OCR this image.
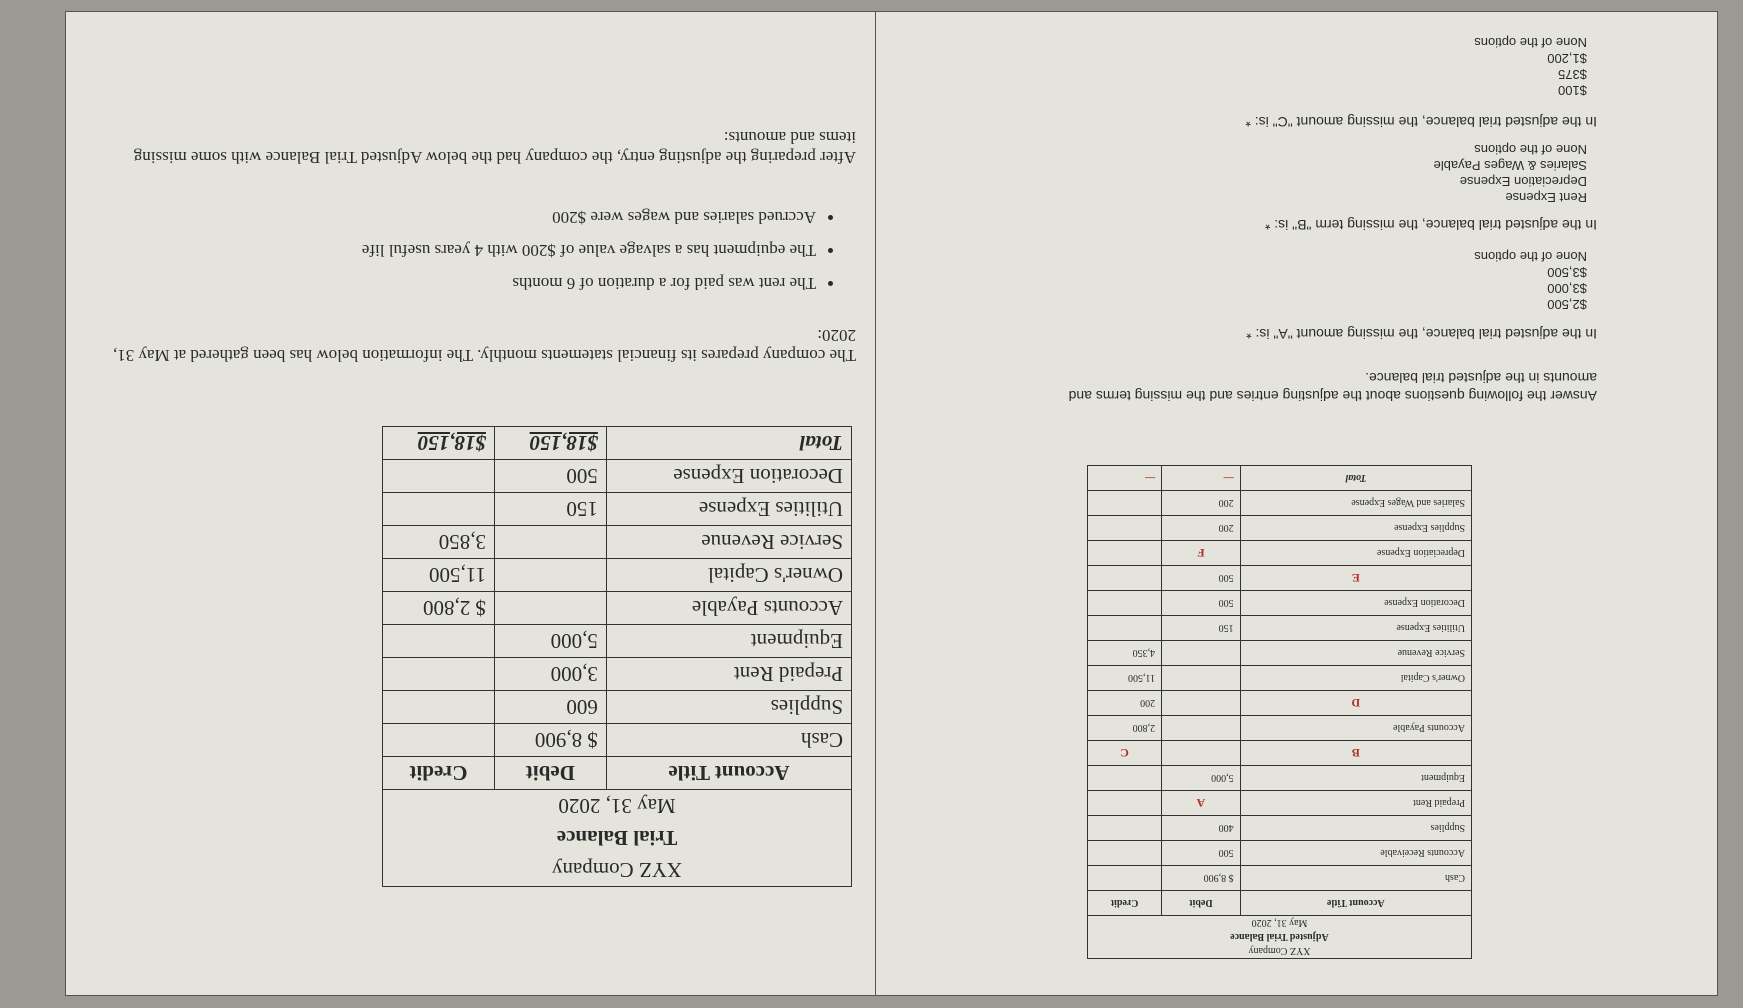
XYZ Company		
Trial Balance		
May 31, 2020		
Account Title	Debit	Credit
Cash	$ 8,900	
Supplies	600	
Prepaid Rent	3,000	
Equipment	5,000	
Accounts Payable		$ 2,800
Owner's Capital		11,500
Service Revenue		3,850
Utilities Expense	150	
Decoration Expense	500	
Total	$18,150	$18,150
The company prepares its financial statements monthly. The information below has been gathered at May 31, 2020:
• The rent was paid for a duration of 6 months
• The equipment has a salvage value of $200 with 4 years useful life
• Accrued salaries and wages were $200
After preparing the adjusting entry, the company had the below Adjusted Trial Balance with some missing items and amounts:
XYZ Company		
Adjusted Trial Balance		
May 31, 2020		
Account Title	Debit	Credit
Cash	$ 8,900	
Accounts Receivable	500	
Supplies	400	
Prepaid Rent	A	
Equipment	5,000	
B		C
Accounts Payable		2,800
D		200
Owner's Capital		11,500
Service Revenue		4,350
Utilities Expense	150	
Decoration Expense	500	
E	500	
Depreciation Expense	F	
Supplies Expense	200	
Salaries and Wages Expense	200	
Total	—	—
Answer the following questions about the adjusting entries and the missing terms and amounts in the adjusted trial balance.
In the adjusted trial balance, the missing amount "A" is: *
$2,500
$3,000
$3,500
None of the options
In the adjusted trial balance, the missing term "B" is: *
Rent Expense
Depreciation Expense
Salaries & Wages Payable
None of the options
In the adjusted trial balance, the missing amount "C" is: *
$100
$375
$1,200
None of the options
